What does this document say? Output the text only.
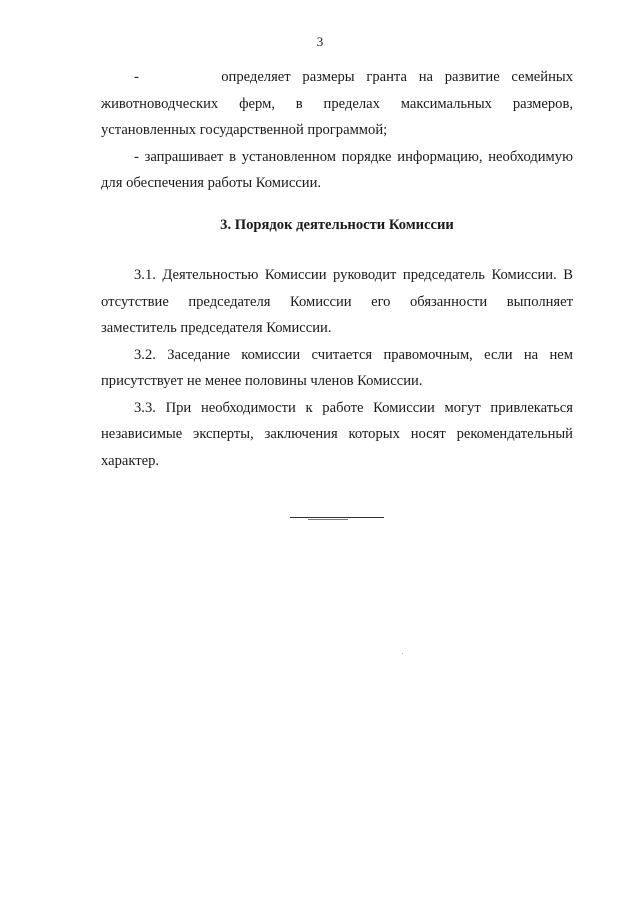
3

-       определяет размеры гранта на развитие семейных животноводческих ферм, в пределах максимальных размеров, установленных государственной программой;

- запрашивает в установленном порядке информацию, необходимую для обеспечения работы Комиссии.

3. Порядок деятельности Комиссии

3.1. Деятельностью Комиссии руководит председатель Комиссии. В отсутствие председателя Комиссии его обязанности выполняет заместитель председателя Комиссии.

3.2. Заседание комиссии считается правомочным, если на нем присутствует не менее половины членов Комиссии.

3.3. При необходимости к работе Комиссии могут привлекаться независимые эксперты, заключения которых носят рекомендательный характер.
